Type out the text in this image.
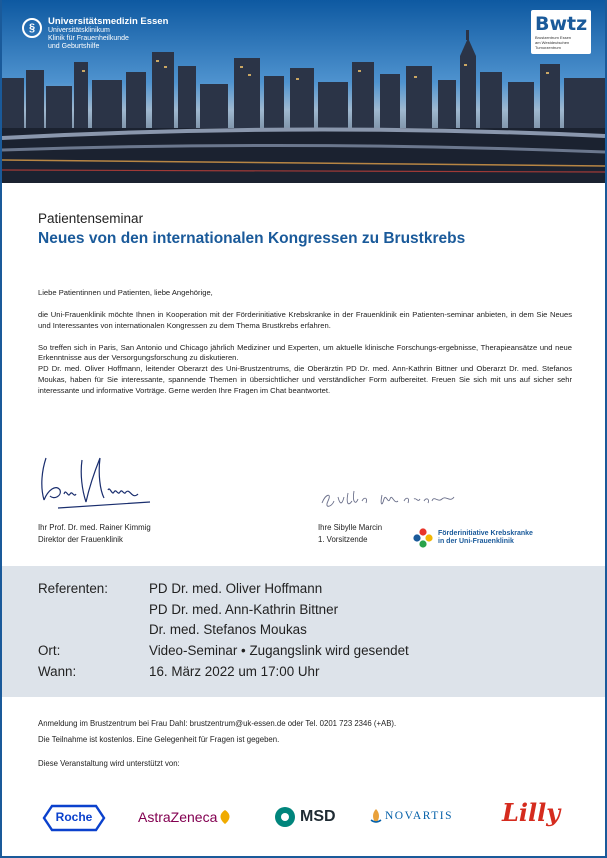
§
Universitätsmedizin Essen
Universitätsklinikum
Klinik für Frauenheilkunde
und Geburtshilfe
Bwtz
Brustzentrum Essen
am Westdeutschen Tumorzentrum
Patientenseminar
Neues von den internationalen Kongressen zu Brustkrebs

Liebe Patientinnen und Patienten, liebe Angehörige,

die Uni-Frauenklinik möchte Ihnen in Kooperation mit der Förderinitiative Krebskranke in der Frauenklinik ein Patienten-seminar anbieten, in dem Sie Neues und Interessantes von internationalen Kongressen zu dem Thema Brustkrebs erfahren.

So treffen sich in Paris, San Antonio und Chicago jährlich Mediziner und Experten, um aktuelle klinische Forschungs-ergebnisse, Therapieansätze und neue Erkenntnisse aus der Versorgungsforschung zu diskutieren.

PD Dr. med. Oliver Hoffmann, leitender Oberarzt des Uni-Brustzentrums, die Oberärztin PD Dr. med. Ann-Kathrin Bittner und Oberarzt Dr. med. Stefanos Moukas, haben für Sie interessante, spannende Themen in übersichtlicher und verständlicher Form aufbereitet. Freuen Sie sich mit uns auf sicher sehr interessante und informative Vorträge. Gerne werden Ihre Fragen im Chat beantwortet.

Ihr Prof. Dr. med. Rainer Kimmig
Direktor der Frauenklinik
Ihre Sibylle Marcin
1. Vorsitzende
Förderinitiative Krebskranke
in der Uni-Frauenklinik
Referenten:	PD Dr. med. Oliver Hoffmann
	PD Dr. med. Ann-Kathrin Bittner
	Dr. med. Stefanos Moukas
Ort:	Video-Seminar • Zugangslink wird gesendet
Wann:	16. März 2022 um 17:00 Uhr
Anmeldung im Brustzentrum bei Frau Dahl: brustzentrum@uk-essen.de oder Tel. 0201 723 2346 (+AB).
Die Teilnahme ist kostenlos. Eine Gelegenheit für Fragen ist gegeben.
Diese Veranstaltung wird unterstützt von:
Roche	AstraZeneca	MSD	NOVARTIS Lilly
